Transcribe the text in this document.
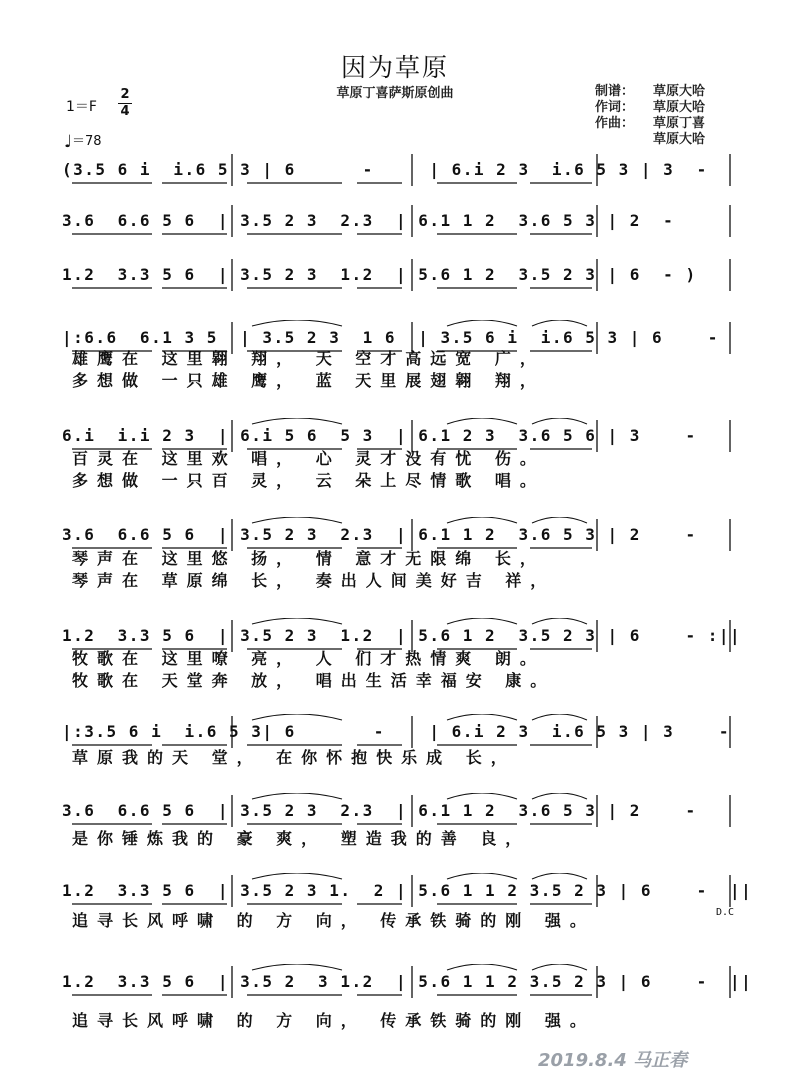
因为草原
草原丁喜萨斯原创曲	制谱： 草原大哈
作词： 草原大哈
作曲： 草原丁喜
草原大哈
1＝F
2
4
♩＝78
(3.5 6 i  i.6 5 3 | 6      -     | 6.i 2 3  i.6 5 3 | 3  -
3.6  6.6 5 6  | 3.5 2 3  2.3  | 6.1 1 2  3.6 5 3 | 2  -
1.2  3.3 5 6  | 3.5 2 3  1.2  | 5.6 1 2  3.5 2 3 | 6  - )
|:6.6  6.1 3 5  | 3.5 2 3  1 6  | 3.5 6 i  i.6 5 3 | 6    -
6.i  i.i 2 3  | 6.i 5 6  5 3  | 6.1 2 3  3.6 5 6 | 3    -
3.6  6.6 5 6  | 3.5 2 3  2.3  | 6.1 1 2  3.6 5 3 | 2    -
1.2  3.3 5 6  | 3.5 2 3  1.2  | 5.6 1 2  3.5 2 3 | 6    - :||
|:3.5 6 i  i.6 5 3| 6       -    | 6.i 2 3  i.6 5 3 | 3    -
3.6  6.6 5 6  | 3.5 2 3  2.3  | 6.1 1 2  3.6 5 3 | 2    -
1.2  3.3 5 6  | 3.5 2 3 1.  2 | 5.6 1 1 2 3.5 2 3 | 6    -  ||
1.2  3.3 5 6  | 3.5 2  3 1.2  | 5.6 1 1 2 3.5 2 3 | 6    -  ||
雄鹰在 这里翱 翔， 天 空才高远宽 广，
多想做 一只雄 鹰， 蓝 天里展翅翱 翔，
百灵在 这里欢 唱， 心 灵才没有忧 伤。
多想做 一只百 灵， 云 朵上尽情歌 唱。
琴声在 这里悠 扬， 情 意才无限绵 长，
琴声在 草原绵 长， 奏出人间美好吉 祥，
牧歌在 这里嘹 亮， 人 们才热情爽 朗。
牧歌在 天堂奔 放， 唱出生活幸福安 康。
草原我的天 堂， 在你怀抱快乐成 长，
是你锤炼我的 豪 爽， 塑造我的善 良，
追寻长风呼啸 的 方 向， 传承铁骑的刚 强。
追寻长风呼啸 的 方 向， 传承铁骑的刚 强。
D.C
2019.8.4 马正春
